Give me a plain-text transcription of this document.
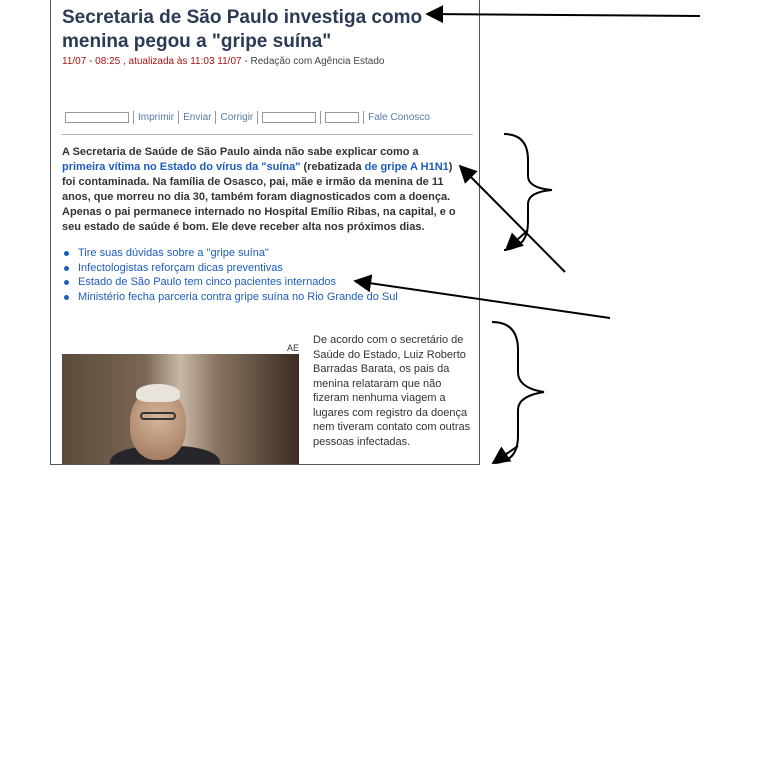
Secretaria de São Paulo investiga como menina pegou a "gripe suína"
11/07 - 08:25 , atualizada às 11:03 11/07 - Redação com Agência Estado
Imprimir Enviar Corrigir	Fale Conosco

A Secretaria de Saúde de São Paulo ainda não sabe explicar como a primeira vítima no Estado do vírus da "suína" (rebatizada de gripe A H1N1) foi contaminada. Na família de Osasco, pai, mãe e irmão da menina de 11 anos, que morreu no dia 30, também foram diagnosticados com a doença. Apenas o pai permanece internado no Hospital Emílio Ribas, na capital, e o seu estado de saúde é bom. Ele deve receber alta nos próximos dias.

Tire suas dúvidas sobre a "gripe suína"
Infectologistas reforçam dicas preventivas
Estado de São Paulo tem cinco pacientes internados
Ministério fecha parceria contra gripe suína no Rio Grande do Sul
AE

De acordo com o secretário de Saúde do Estado, Luiz Roberto Barradas Barata, os pais da menina relataram que não fizeram nenhuma viagem a lugares com registro da doença nem tiveram contato com outras pessoas infectadas.
